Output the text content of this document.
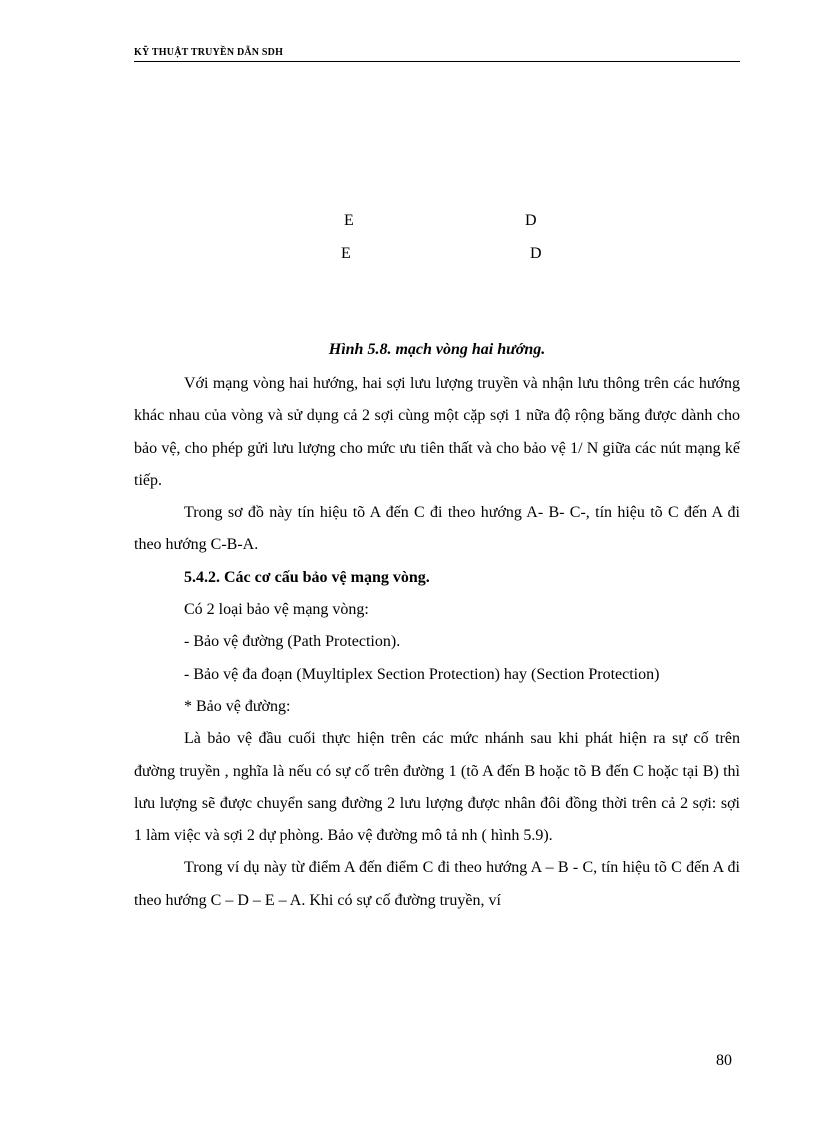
KỸ THUẬT TRUYỀN DẪN SDH
E	D
E	D
Hình 5.8. mạch vòng hai hướng.

Với mạng vòng hai hướng, hai sợi lưu lượng truyền và nhận lưu thông trên các hướng khác nhau của vòng và sử dụng cả 2 sợi cùng một cặp sợi 1 nữa độ rộng băng được dành cho bảo vệ, cho phép gửi lưu lượng cho mức ưu tiên thất và cho bảo vệ 1/ N giữa các nút mạng kế tiếp.

Trong sơ đồ này tín hiệu tõ A đến C đi theo hướng A- B- C-, tín hiệu tõ C đến A đi theo hướng C-B-A.

5.4.2. Các cơ cấu bảo vệ mạng vòng.

Có 2 loại bảo vệ mạng vòng:

- Bảo vệ đường (Path Protection).

- Bảo vệ đa đoạn (Muyltiplex Section Protection) hay (Section Protection)

* Bảo vệ đường:

Là bảo vệ đầu cuối thực hiện trên các mức nhánh sau khi phát hiện ra sự cố trên đường truyền , nghĩa là nếu có sự cố trên đường 1 (tõ A đến B hoặc tõ B đến C hoặc tại B) thì lưu lượng sẽ được chuyển sang đường 2 lưu lượng được nhân đôi đồng thời trên cả 2 sợi: sợi 1 làm việc và sợi 2 dự phòng. Bảo vệ đường mô tả nh ( hình 5.9).

Trong ví dụ này từ điểm A đến điểm C đi theo hướng A – B - C, tín hiệu tõ C đến A đi theo hướng C – D – E – A. Khi có sự cố đường truyền, ví

80
